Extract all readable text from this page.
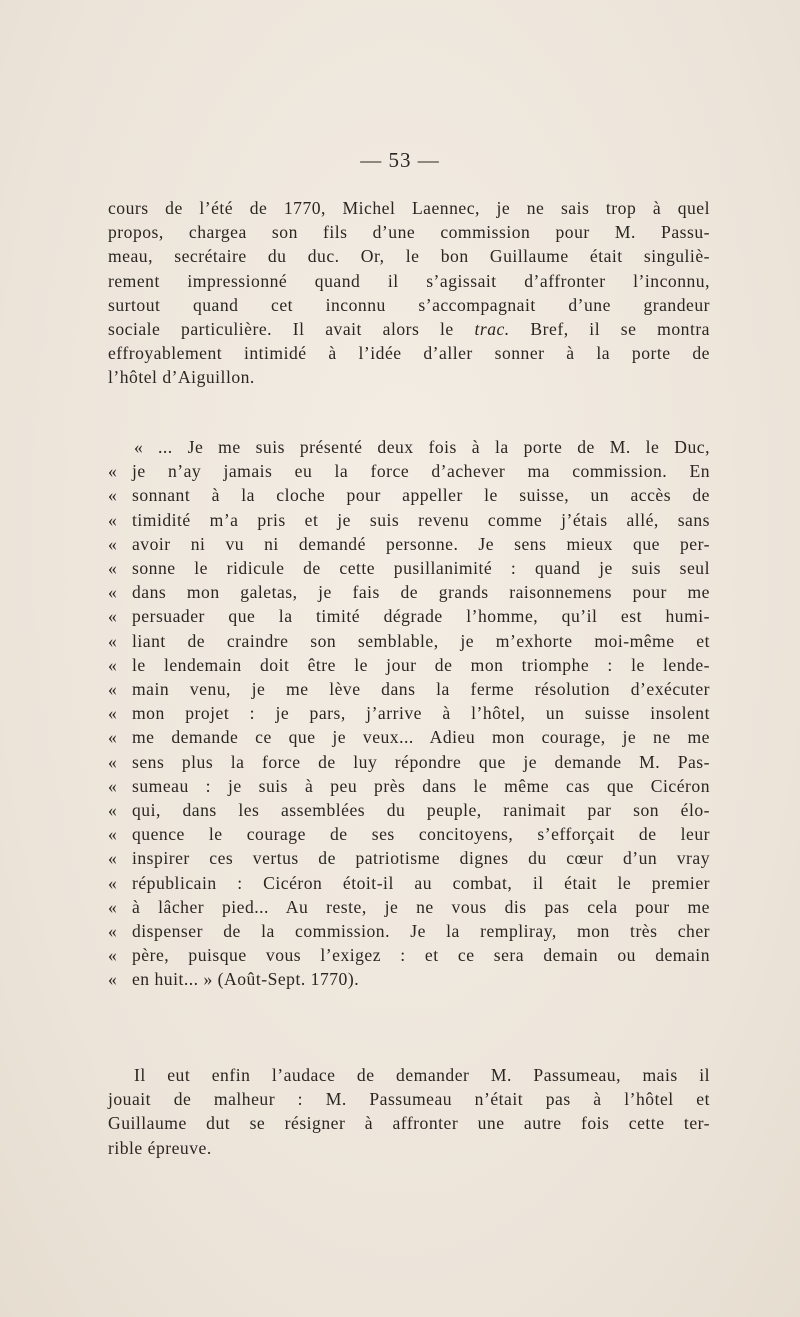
— 53 —
cours de l’été de 1770, Michel Laennec, je ne sais trop à quel
propos, chargea son fils d’une commission pour M. Passu-
meau, secrétaire du duc. Or, le bon Guillaume était singuliè-
rement impressionné quand il s’agissait d’affronter l’inconnu,
surtout quand cet inconnu s’accompagnait d’une grandeur
sociale particulière. Il avait alors le trac. Bref, il se montra
effroyablement intimidé à l’idée d’aller sonner à la porte de
l’hôtel d’Aiguillon.
« ... Je me suis présenté deux fois à la porte de M. le Duc,
« je n’ay jamais eu la force d’achever ma commission. En
« sonnant à la cloche pour appeller le suisse, un accès de
« timidité m’a pris et je suis revenu comme j’étais allé, sans
« avoir ni vu ni demandé personne. Je sens mieux que per-
« sonne le ridicule de cette pusillanimité : quand je suis seul
« dans mon galetas, je fais de grands raisonnemens pour me
« persuader que la timité dégrade l’homme, qu’il est humi-
« liant de craindre son semblable, je m’exhorte moi-même et
« le lendemain doit être le jour de mon triomphe : le lende-
« main venu, je me lève dans la ferme résolution d’exécuter
« mon projet : je pars, j’arrive à l’hôtel, un suisse insolent
« me demande ce que je veux... Adieu mon courage, je ne me
« sens plus la force de luy répondre que je demande M. Pas-
« sumeau : je suis à peu près dans le même cas que Cicéron
« qui, dans les assemblées du peuple, ranimait par son élo-
« quence le courage de ses concitoyens, s’efforçait de leur
« inspirer ces vertus de patriotisme dignes du cœur d’un vray
« républicain : Cicéron étoit-il au combat, il était le premier
« à lâcher pied... Au reste, je ne vous dis pas cela pour me
« dispenser de la commission. Je la rempliray, mon très cher
« père, puisque vous l’exigez : et ce sera demain ou demain
« en huit... » (Août-Sept. 1770).
Il eut enfin l’audace de demander M. Passumeau, mais il
jouait de malheur : M. Passumeau n’était pas à l’hôtel et
Guillaume dut se résigner à affronter une autre fois cette ter-
rible épreuve.
